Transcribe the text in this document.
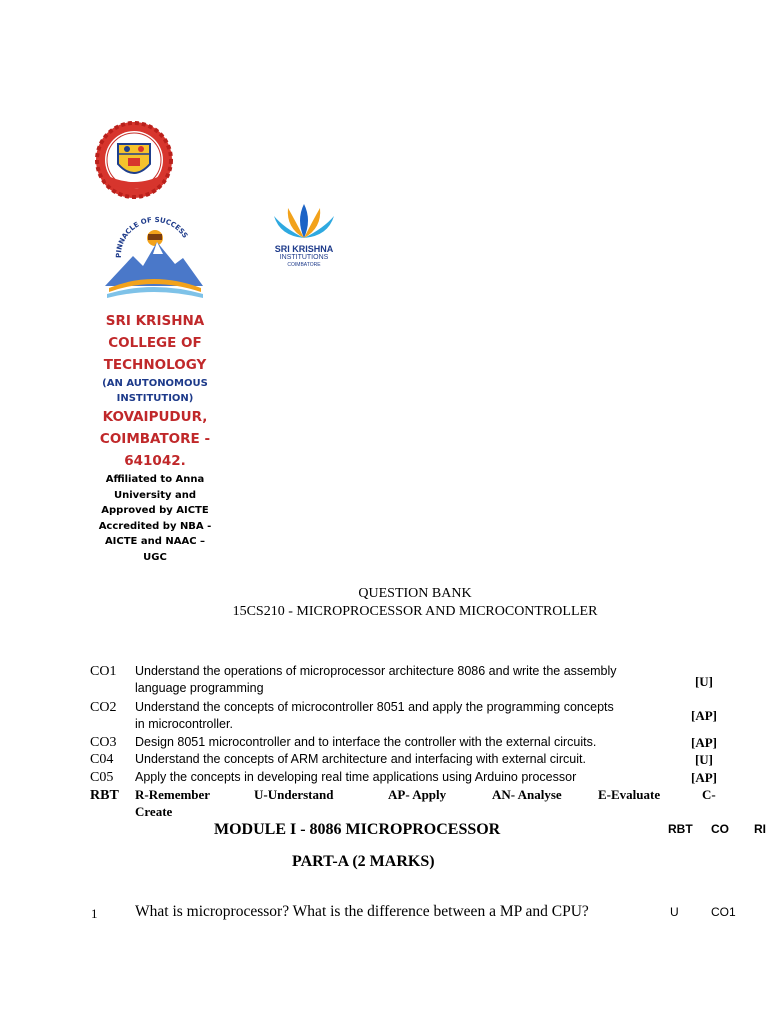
PINNACLE OF SUCCESS
SRI KRISHNA
INSTITUTIONS
COIMBATORE
SRI KRISHNA
COLLEGE OF
TECHNOLOGY
(AN AUTONOMOUS
INSTITUTION)
KOVAIPUDUR,
COIMBATORE -
641042.
Affiliated to Anna
University and
Approved by AICTE
Accredited by NBA -
AICTE and NAAC –
UGC
QUESTION BANK
15CS210 - MICROPROCESSOR AND MICROCONTROLLER
CO1	Understand the operations of microprocessor architecture 8086 and write the assembly
language programming	[U]
CO2	Understand the concepts of microcontroller 8051 and apply the programming concepts
in microcontroller.
[AP]
CO3	Design 8051 microcontroller and to interface the controller with the external circuits.	[AP]
C04	Understand the concepts of ARM architecture and interfacing with external circuit.	[U]
C05	Apply the concepts in developing real time applications using Arduino processor	[AP]
RBT	R-Remember	U-Understand	AP- Apply	AN- Analyse	E-Evaluate	C-
Create
MODULE I - 8086 MICROPROCESSOR	RBT CO RI
PART-A (2 MARKS)
1 What is microprocessor? What is the difference between a MP and CPU?	U	CO1
